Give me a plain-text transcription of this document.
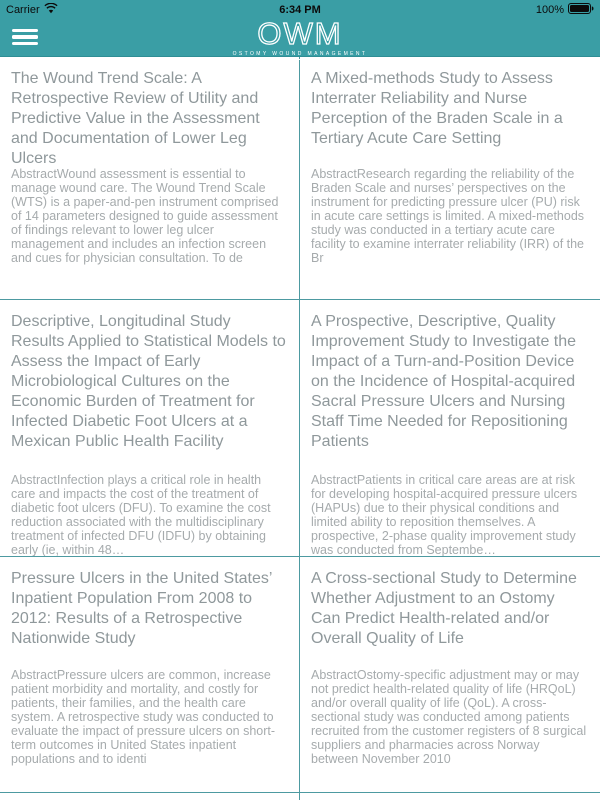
Carrier	6:34 PM	100%
OWM
OSTOMY WOUND MANAGEMENT
The Wound Trend Scale: A Retrospective Review of Utility and Predictive Value in the Assessment and Documentation of Lower Leg Ulcers
AbstractWound assessment is essential to manage wound care. The Wound Trend Scale (WTS) is a paper-and-pen instrument comprised of 14 parameters designed to guide assessment of findings relevant to lower leg ulcer management and includes an infection screen and cues for physician consultation. To de
A Mixed-methods Study to Assess Interrater Reliability and Nurse Perception of the Braden Scale in a Tertiary Acute Care Setting
AbstractResearch regarding the reliability of the Braden Scale and nurses’ perspectives on the instrument for predicting pressure ulcer (PU) risk in acute care settings is limited. A mixed-methods study was conducted in a tertiary acute care facility to examine interrater reliability (IRR) of the Br
Descriptive, Longitudinal Study Results Applied to Statistical Models to Assess the Impact of Early Microbiological Cultures on the Economic Burden of Treatment for  Infected Diabetic Foot Ulcers at a  Mexican Public Health Facility
AbstractInfection plays a critical role in health care and impacts the cost of the treatment of diabetic foot ulcers (DFU). To examine the cost reduction associated with the multidisciplinary treatment of infected DFU (IDFU) by obtaining early (ie, within 48…
A Prospective, Descriptive, Quality Improvement Study to Investigate the Impact of a Turn-and-Position Device on the Incidence of Hospital-acquired Sacral Pressure Ulcers and Nursing Staff Time Needed for Repositioning Patients
AbstractPatients in critical care areas are at risk for developing hospital-acquired pressure ulcers (HAPUs) due to their physical conditions and limited ability to reposition themselves. A prospective, 2-phase quality improvement study was conducted from Septembe…
Pressure Ulcers in the United States’ Inpatient Population From 2008 to 2012: Results of a Retrospective Nationwide Study
AbstractPressure ulcers are common, increase patient morbidity and mortality, and costly for patients, their families, and the health care system. A retrospective study was conducted to evaluate the impact of pressure ulcers on short-term outcomes in United States inpatient populations and to identi
A Cross-sectional Study to Determine Whether Adjustment to an Ostomy Can Predict Health-related and/or Overall Quality of Life
AbstractOstomy-specific adjustment may or may not predict health-related quality of life (HRQoL) and/or overall quality of life (QoL). A cross-sectional study was conducted among patients recruited from the customer registers of 8 surgical suppliers and pharmacies across Norway between November 2010
